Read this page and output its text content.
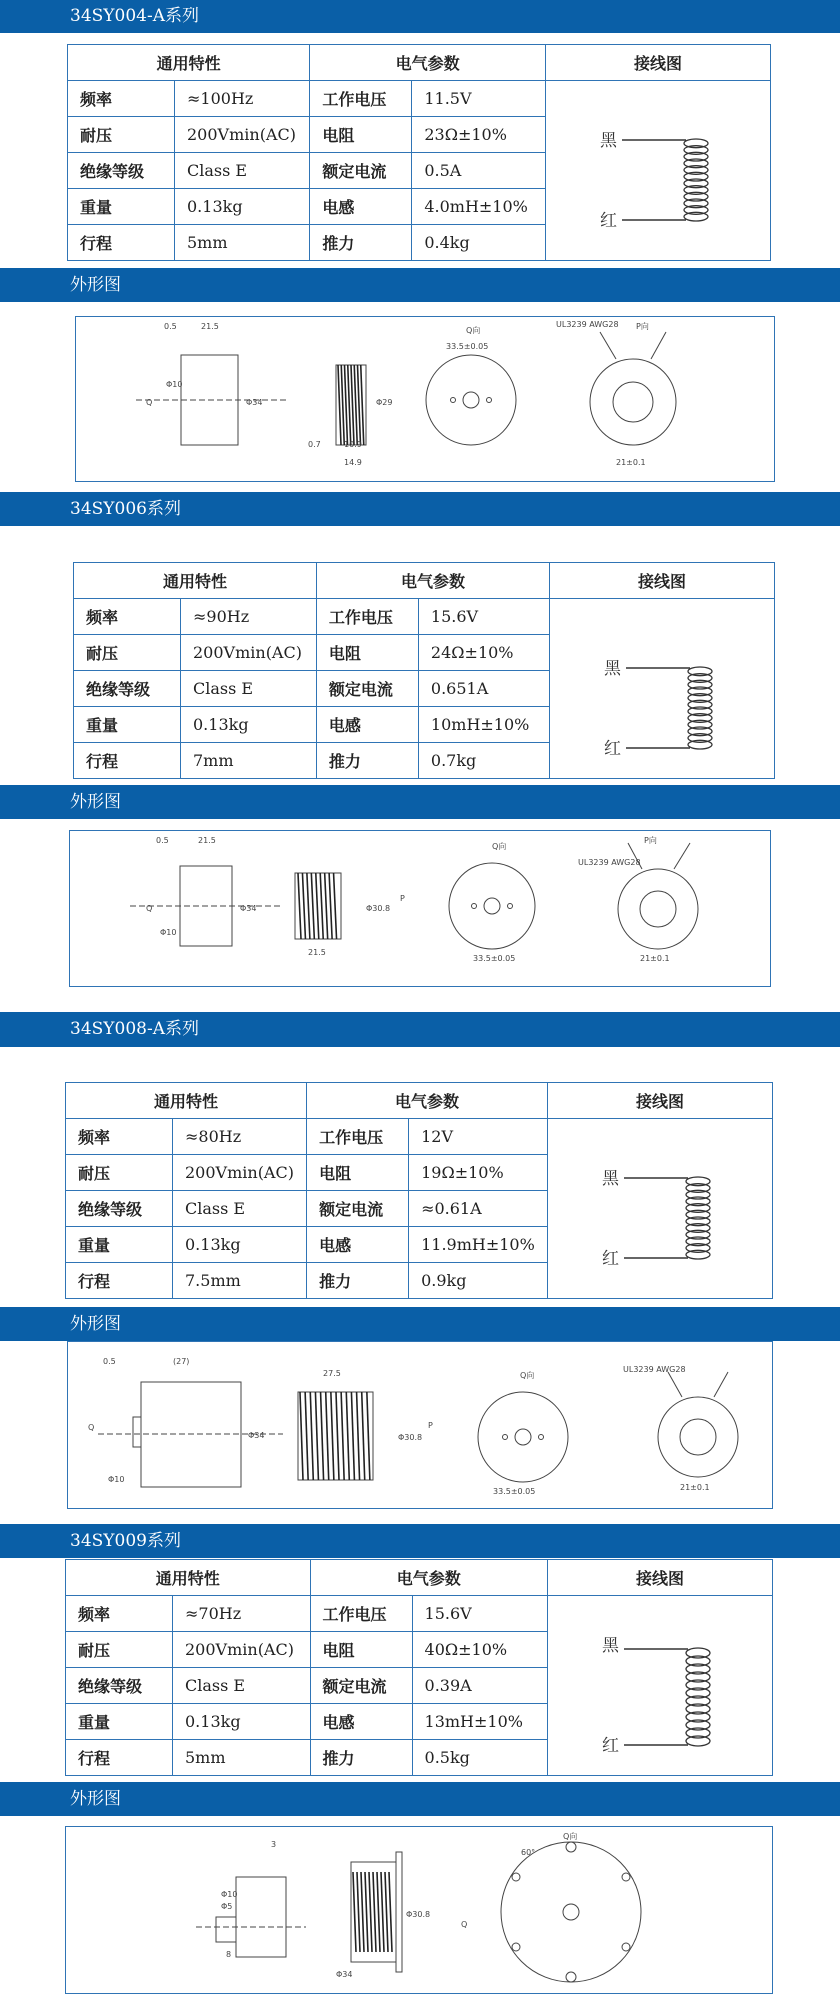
34SY004-A系列
通用特性		电气参数		接线图
频率	≈100Hz	工作电压	11.5V	黑
红

耐压	200Vmin(AC)	电阻	23Ω±10%	
绝缘等级	Class E	额定电流	0.5A	
重量	0.13kg	电感	4.0mH±10%	
行程	5mm	推力	0.4kg	
外形图
0.5	21.5
Q
Φ10
Φ34	Φ29
0.7	10.9
14.9
Q向
33.5±0.05
UL3239 AWG28 P向
21±0.1
34SY006系列
通用特性		电气参数		接线图
频率	≈90Hz	工作电压	15.6V	黑
红

耐压	200Vmin(AC)	电阻	24Ω±10%	
绝缘等级	Class E	额定电流	0.651A	
重量	0.13kg	电感	10mH±10%	
行程	7mm	推力	0.7kg	
外形图
0.5	21.5
Q
Φ10
Φ34
21.5
Φ30.8
P
Q向
33.5±0.05
UL3239 AWG28
21±0.1
P向
34SY008-A系列
通用特性		电气参数		接线图
频率	≈80Hz	工作电压	12V	黑
红

耐压	200Vmin(AC)	电阻	19Ω±10%	
绝缘等级	Class E	额定电流	≈0.61A	
重量	0.13kg	电感	11.9mH±10%	
行程	7.5mm	推力	0.9kg	
外形图
0.5	(27)
Q
Φ10
Φ34
27.5
Φ30.8
P
Q向
33.5±0.05
UL3239 AWG28
21±0.1
34SY009系列
通用特性		电气参数		接线图
频率	≈70Hz	工作电压	15.6V	黑
红

耐压	200Vmin(AC)	电阻	40Ω±10%	
绝缘等级	Class E	额定电流	0.39A	
重量	0.13kg	电感	13mH±10%	
行程	5mm	推力	0.5kg	
外形图
3
Φ10
Φ5
8
Φ30.8
Q
Φ34
Q向
60°
